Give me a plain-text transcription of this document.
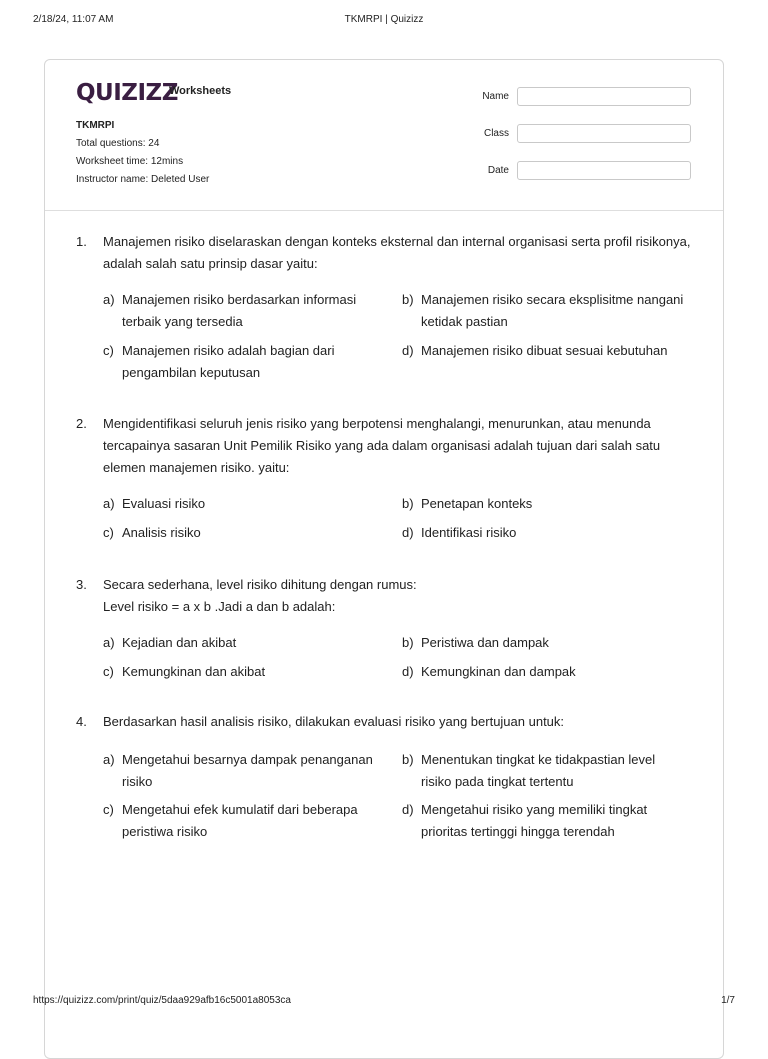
2/18/24, 11:07 AM	TKMRPI | Quizizz
QUIZIZZ
Worksheets
TKMRPI
Total questions: 24
Worksheet time: 12mins
Instructor name: Deleted User
Name
Class
Date
1. Manajemen risiko diselaraskan dengan konteks eksternal dan internal organisasi serta profil risikonya, adalah salah satu prinsip dasar yaitu:
a) Manajemen risiko berdasarkan informasi terbaik yang tersedia
b) Manajemen risiko secara eksplisitme nangani ketidak pastian
c) Manajemen risiko adalah bagian dari pengambilan keputusan
d) Manajemen risiko dibuat sesuai kebutuhan
2. Mengidentifikasi seluruh jenis risiko yang berpotensi menghalangi, menurunkan, atau menunda tercapainya sasaran Unit Pemilik Risiko yang ada dalam organisasi adalah tujuan dari salah satu elemen manajemen risiko. yaitu:
a) Evaluasi risiko	b) Penetapan konteks
c) Analisis risiko	d) Identifikasi risiko
3. Secara sederhana, level risiko dihitung dengan rumus:
Level risiko = a x b .Jadi a dan b adalah:
a) Kejadian dan akibat	b) Peristiwa dan dampak
c) Kemungkinan dan akibat	d) Kemungkinan dan dampak
4. Berdasarkan hasil analisis risiko, dilakukan evaluasi risiko yang bertujuan untuk:
a) Mengetahui besarnya dampak penanganan risiko
b) Menentukan tingkat ke tidakpastian level risiko pada tingkat tertentu
c) Mengetahui efek kumulatif dari beberapa peristiwa risiko
d) Mengetahui risiko yang memiliki tingkat prioritas tertinggi hingga terendah
https://quizizz.com/print/quiz/5daa929afb16c5001a8053ca	1/7
